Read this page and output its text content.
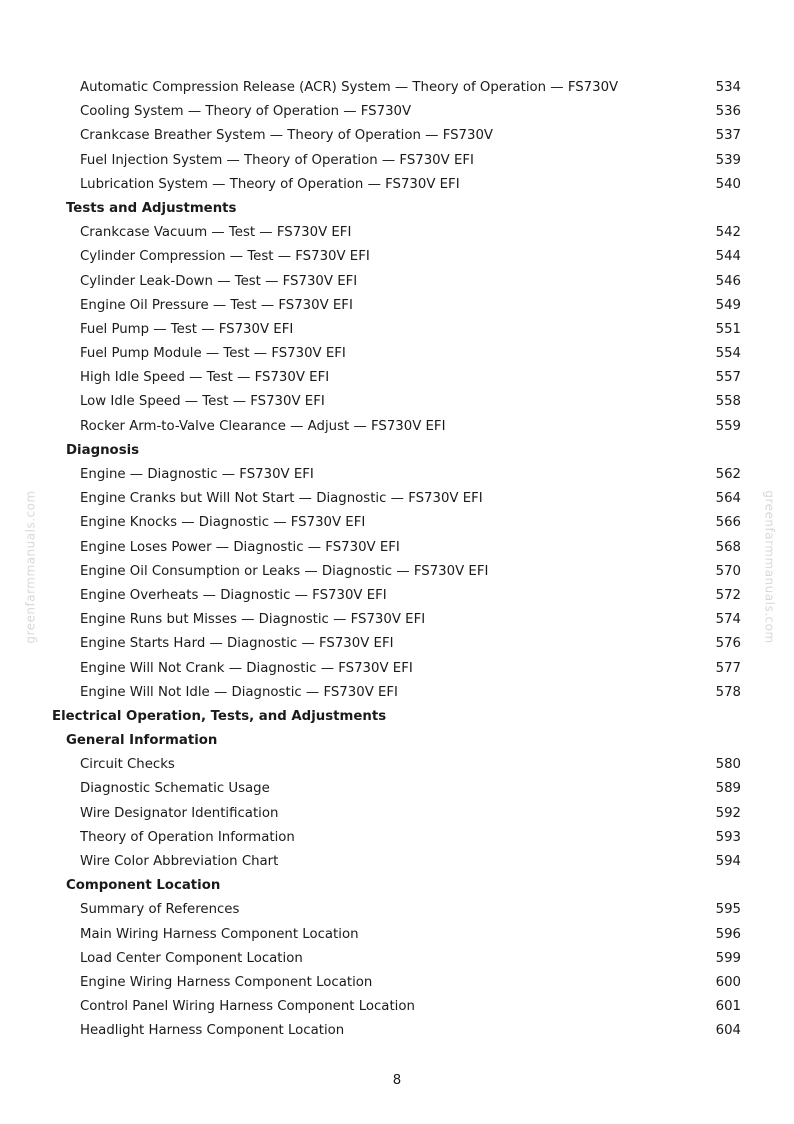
Automatic Compression Release (ACR) System — Theory of Operation — FS730V	534
Cooling System — Theory of Operation — FS730V	536
Crankcase Breather System — Theory of Operation — FS730V	537
Fuel Injection System — Theory of Operation — FS730V EFI	539
Lubrication System — Theory of Operation — FS730V EFI	540
Tests and Adjustments
Crankcase Vacuum — Test — FS730V EFI	542
Cylinder Compression — Test — FS730V EFI	544
Cylinder Leak-Down — Test — FS730V EFI	546
Engine Oil Pressure — Test — FS730V EFI	549
Fuel Pump — Test — FS730V EFI	551
Fuel Pump Module — Test — FS730V EFI	554
High Idle Speed — Test — FS730V EFI	557
Low Idle Speed — Test — FS730V EFI	558
Rocker Arm-to-Valve Clearance — Adjust — FS730V EFI	559
Diagnosis
Engine — Diagnostic — FS730V EFI	562
Engine Cranks but Will Not Start — Diagnostic — FS730V EFI	564
Engine Knocks — Diagnostic — FS730V EFI	566
Engine Loses Power — Diagnostic — FS730V EFI	568
Engine Oil Consumption or Leaks — Diagnostic — FS730V EFI	570
Engine Overheats — Diagnostic — FS730V EFI	572
Engine Runs but Misses — Diagnostic — FS730V EFI	574
Engine Starts Hard — Diagnostic — FS730V EFI	576
Engine Will Not Crank — Diagnostic — FS730V EFI	577
Engine Will Not Idle — Diagnostic — FS730V EFI	578
Electrical Operation, Tests, and Adjustments
General Information
Circuit Checks	580
Diagnostic Schematic Usage	589
Wire Designator Identification	592
Theory of Operation Information	593
Wire Color Abbreviation Chart	594
Component Location
Summary of References	595
Main Wiring Harness Component Location	596
Load Center Component Location	599
Engine Wiring Harness Component Location	600
Control Panel Wiring Harness Component Location	601
Headlight Harness Component Location	604
greenfarmmanuals.com	greenfarmmanuals.com
8
